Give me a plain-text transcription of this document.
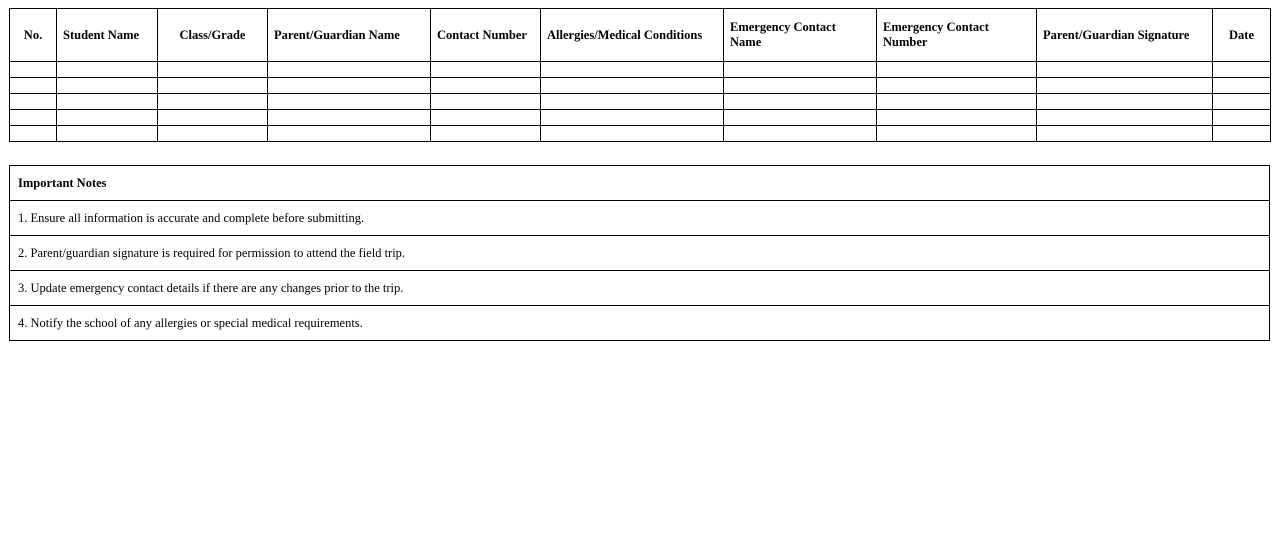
No.	Student Name	Class/Grade	Parent/Guardian Name	Contact Number	Allergies/Medical Conditions	Emergency Contact Name	Emergency Contact Number	Parent/Guardian Signature	Date

Important Notes
1. Ensure all information is accurate and complete before submitting.
2. Parent/guardian signature is required for permission to attend the field trip.
3. Update emergency contact details if there are any changes prior to the trip.
4. Notify the school of any allergies or special medical requirements.
